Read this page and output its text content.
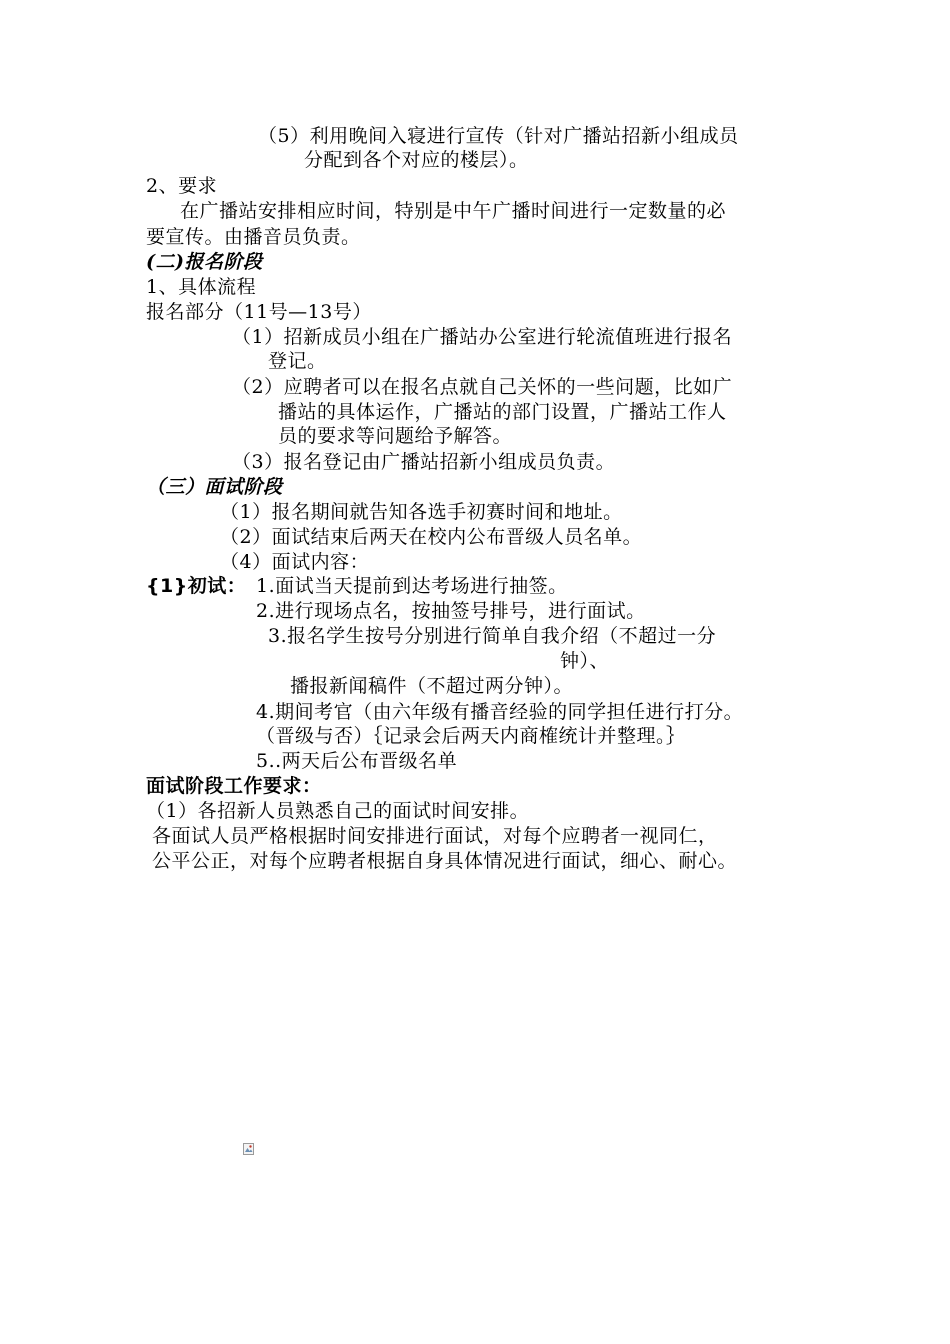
（5）利用晚间入寝进行宣传（针对广播站招新小组成员
分配到各个对应的楼层）。
2、要求
在广播站安排相应时间，特别是中午广播时间进行一定数量的必
要宣传。由播音员负责。
(二)报名阶段
1、具体流程
报名部分（11号—13号）
（1）招新成员小组在广播站办公室进行轮流值班进行报名
登记。
（2）应聘者可以在报名点就自己关怀的一些问题，比如广
播站的具体运作，广播站的部门设置，广播站工作人
员的要求等问题给予解答。
（3）报名登记由广播站招新小组成员负责。
（三）面试阶段
（1）报名期间就告知各选手初赛时间和地址。
（2）面试结束后两天在校内公布晋级人员名单。
（4）面试内容：
{1}初试： 1.面试当天提前到达考场进行抽签。
2.进行现场点名，按抽签号排号，进行面试。
3.报名学生按号分别进行简单自我介绍（不超过一分
钟）、
播报新闻稿件（不超过两分钟）。
4.期间考官（由六年级有播音经验的同学担任进行打分。
（晋级与否）｛记录会后两天内商榷统计并整理。｝
5..两天后公布晋级名单
面试阶段工作要求：
（1）各招新人员熟悉自己的面试时间安排。
各面试人员严格根据时间安排进行面试，对每个应聘者一视同仁，
公平公正，对每个应聘者根据自身具体情况进行面试，细心、耐心。
